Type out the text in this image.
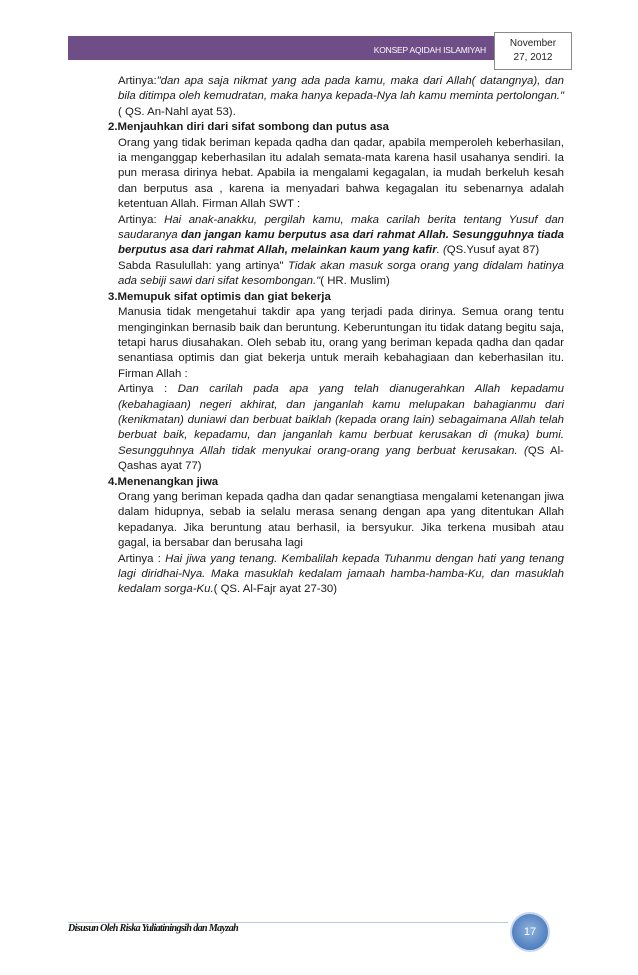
KONSEP AQIDAH ISLAMIYAH
November
27, 2012

Artinya:"dan apa saja nikmat yang ada pada kamu, maka dari Allah( datangnya), dan bila ditimpa oleh kemudratan, maka hanya kepada-Nya lah kamu meminta pertolongan."( QS. An-Nahl ayat 53).

2.Menjauhkan diri dari sifat sombong dan putus asa

Orang yang tidak beriman kepada qadha dan qadar, apabila memperoleh keberhasilan, ia menganggap keberhasilan itu adalah semata-mata karena hasil usahanya sendiri. Ia pun merasa dirinya hebat. Apabila ia mengalami kegagalan, ia mudah berkeluh kesah dan berputus asa , karena ia menyadari bahwa kegagalan itu sebenarnya adalah ketentuan Allah. Firman Allah SWT :

Artinya: Hai anak-anakku, pergilah kamu, maka carilah berita tentang Yusuf dan saudaranya dan jangan kamu berputus asa dari rahmat Allah. Sesungguhnya tiada berputus asa dari rahmat Allah, melainkan kaum yang kafir. (QS.Yusuf ayat 87)

Sabda Rasulullah: yang artinya" Tidak akan masuk sorga orang yang didalam hatinya ada sebiji sawi dari sifat kesombongan."( HR. Muslim)

3.Memupuk sifat optimis dan giat bekerja

Manusia tidak mengetahui takdir apa yang terjadi pada dirinya. Semua orang tentu menginginkan bernasib baik dan beruntung. Keberuntungan itu tidak datang begitu saja, tetapi harus diusahakan. Oleh sebab itu, orang yang beriman kepada qadha dan qadar senantiasa optimis dan giat bekerja untuk meraih kebahagiaan dan keberhasilan itu. Firman Allah :

Artinya : Dan carilah pada apa yang telah dianugerahkan Allah kepadamu (kebahagiaan) negeri akhirat, dan janganlah kamu melupakan bahagianmu dari (kenikmatan) duniawi dan berbuat baiklah (kepada orang lain) sebagaimana Allah telah berbuat baik, kepadamu, dan janganlah kamu berbuat kerusakan di (muka) bumi. Sesungguhnya Allah tidak menyukai orang-orang yang berbuat kerusakan. (QS Al- Qashas ayat 77)

4.Menenangkan jiwa

Orang yang beriman kepada qadha dan qadar senangtiasa mengalami ketenangan jiwa dalam hidupnya, sebab ia selalu merasa senang dengan apa yang ditentukan Allah kepadanya. Jika beruntung atau berhasil, ia bersyukur. Jika terkena musibah atau gagal, ia bersabar dan berusaha lagi

Artinya : Hai jiwa yang tenang. Kembalilah kepada Tuhanmu dengan hati yang tenang lagi diridhai-Nya. Maka masuklah kedalam jamaah hamba-hamba-Ku, dan masuklah kedalam sorga-Ku.( QS. Al-Fajr ayat 27-30)

Disusun Oleh Riska Yuliatiningsih dan Mayzah	17
